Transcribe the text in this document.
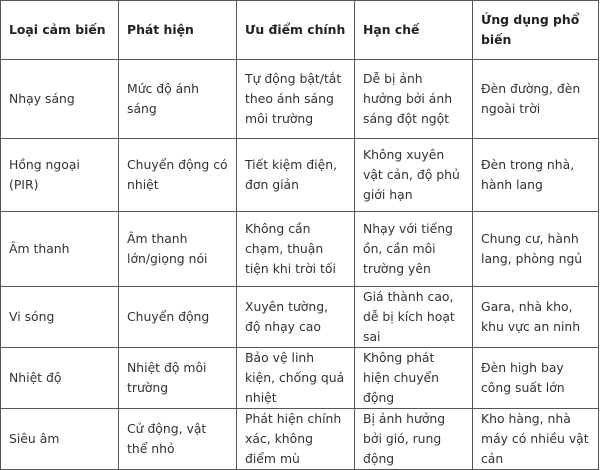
Loại cảm biến	Phát hiện	Ưu điểm chính	Hạn chế	Ứng dụng phổ biến
Nhạy sáng	Mức độ ánh sáng	Tự động bật/tắt theo ánh sáng môi trường	Dễ bị ảnh hưởng bởi ánh sáng đột ngột	Đèn đường, đèn ngoài trời
Hồng ngoại (PIR)	Chuyển động có nhiệt	Tiết kiệm điện, đơn giản	Không xuyên vật cản, độ phủ giới hạn	Đèn trong nhà, hành lang
Âm thanh	Âm thanh lớn/giọng nói	Không cần chạm, thuận tiện khi trời tối	Nhạy với tiếng ồn, cần môi trường yên	Chung cư, hành lang, phòng ngủ
Vi sóng	Chuyển động	Xuyên tường, độ nhạy cao	Giá thành cao, dễ bị kích hoạt sai	Gara, nhà kho, khu vực an ninh
Nhiệt độ	Nhiệt độ môi trường	Bảo vệ linh kiện, chống quá nhiệt	Không phát hiện chuyển động	Đèn high bay công suất lớn
Siêu âm	Cử động, vật thể nhỏ	Phát hiện chính xác, không điểm mù	Bị ảnh hưởng bởi gió, rung động	Kho hàng, nhà máy có nhiều vật cản
